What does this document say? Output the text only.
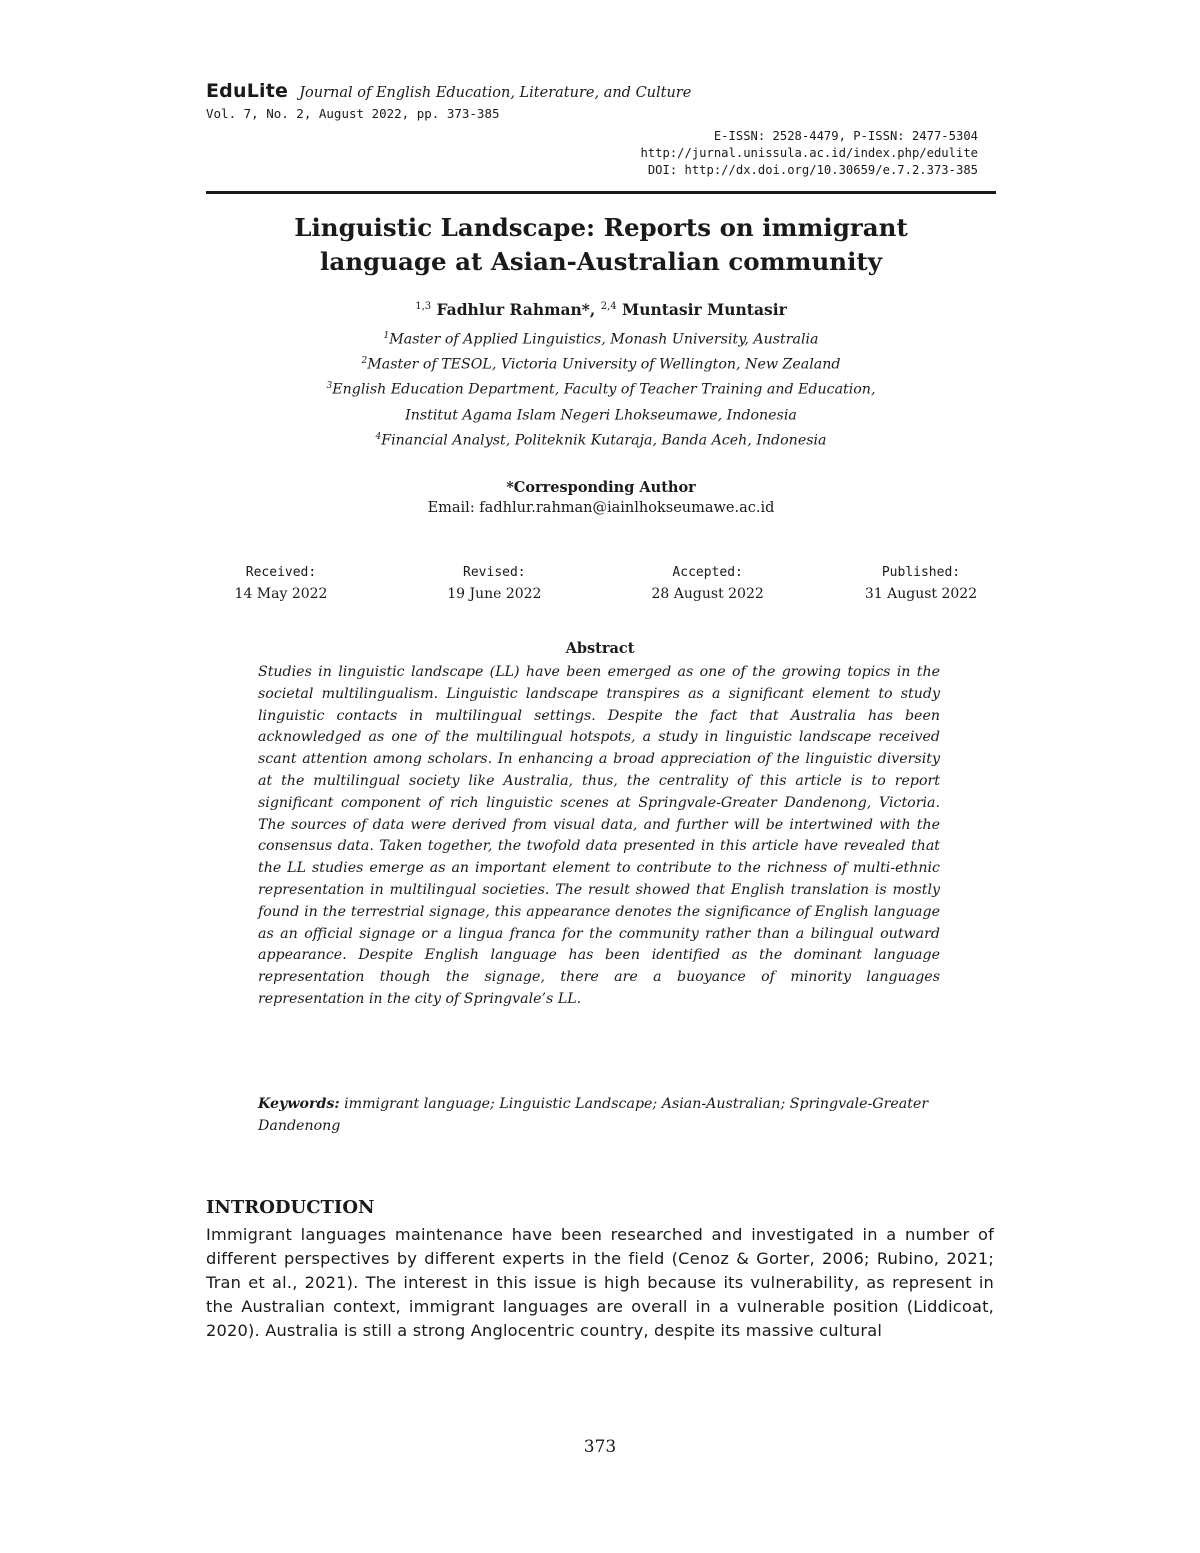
EduLite Journal of English Education, Literature, and Culture
Vol. 7, No. 2, August 2022, pp. 373-385
E-ISSN: 2528-4479, P-ISSN: 2477-5304
http://jurnal.unissula.ac.id/index.php/edulite
DOI: http://dx.doi.org/10.30659/e.7.2.373-385
Linguistic Landscape: Reports on immigrant
language at Asian-Australian community
$^{1,3}$ Fadhlur Rahman*, $^{2,4}$ Muntasir Muntasir
$^1$Master of Applied Linguistics, Monash University, Australia
$^2$Master of TESOL, Victoria University of Wellington, New Zealand
$^3$English Education Department, Faculty of Teacher Training and Education,
Institut Agama Islam Negeri Lhokseumawe, Indonesia
$^4$Financial Analyst, Politeknik Kutaraja, Banda Aceh, Indonesia
*Corresponding Author
Email: fadhlur.rahman@iainlhokseumawe.ac.id
Received:
14 May 2022
Revised:
19 June 2022
Accepted:
28 August 2022
Published:
31 August 2022
Abstract
Studies in linguistic landscape (LL) have been emerged as one of the growing topics in the societal multilingualism. Linguistic landscape transpires as a significant element to study linguistic contacts in multilingual settings. Despite the fact that Australia has been acknowledged as one of the multilingual hotspots, a study in linguistic landscape received scant attention among scholars. In enhancing a broad appreciation of the linguistic diversity at the multilingual society like Australia, thus, the centrality of this article is to report significant component of rich linguistic scenes at Springvale-Greater Dandenong, Victoria. The sources of data were derived from visual data, and further will be intertwined with the consensus data. Taken together, the twofold data presented in this article have revealed that the LL studies emerge as an important element to contribute to the richness of multi-ethnic representation in multilingual societies. The result showed that English translation is mostly found in the terrestrial signage, this appearance denotes the significance of English language as an official signage or a lingua franca for the community rather than a bilingual outward appearance. Despite English language has been identified as the dominant language representation though the signage, there are a buoyance of minority languages representation in the city of Springvale’s LL.
Keywords: immigrant language; Linguistic Landscape; Asian-Australian; Springvale-Greater Dandenong
INTRODUCTION
Immigrant languages maintenance have been researched and investigated in a number of different perspectives by different experts in the field (Cenoz & Gorter, 2006; Rubino, 2021; Tran et al., 2021). The interest in this issue is high because its vulnerability, as represent in the Australian context, immigrant languages are overall in a vulnerable position (Liddicoat, 2020). Australia is still a strong Anglocentric country, despite its massive cultural
373
